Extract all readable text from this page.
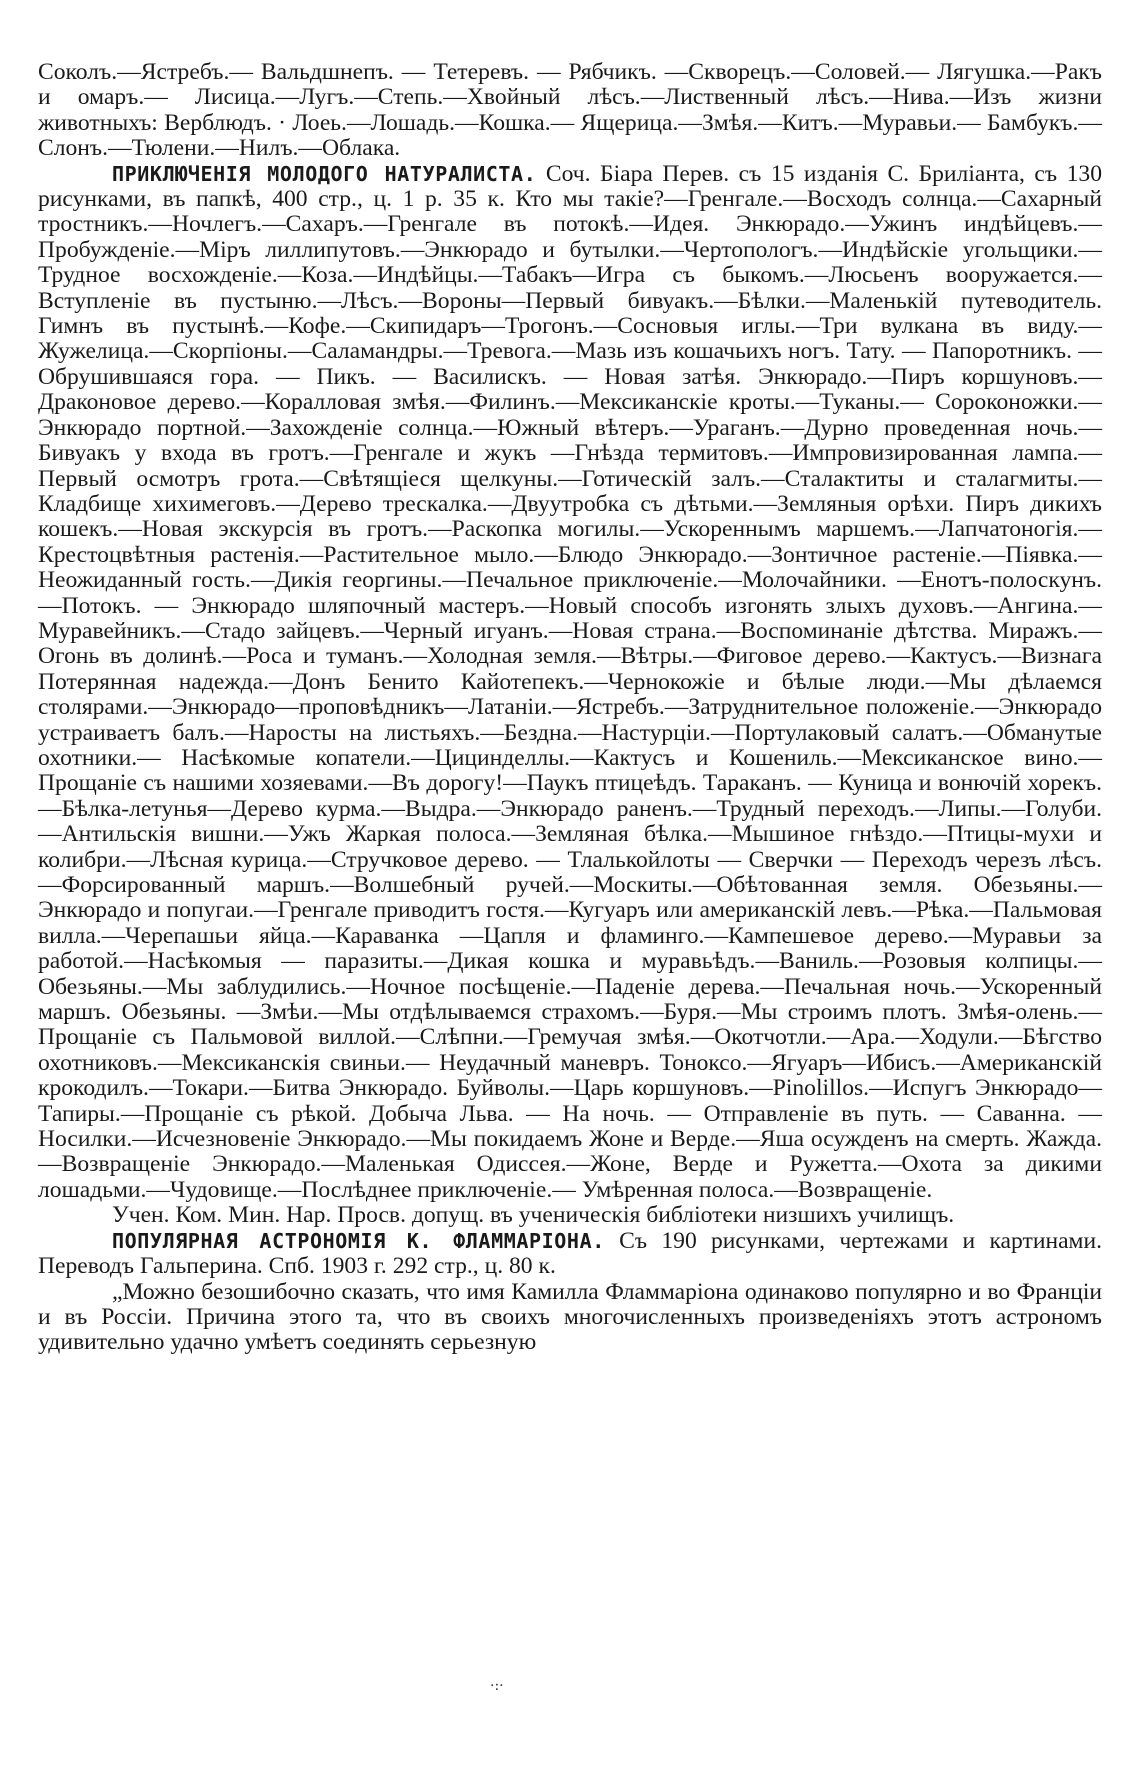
Соколъ.—Ястребъ.— Вальдшнепъ. — Тетеревъ. — Рябчикъ. —Скворецъ.—Соловей.— Лягушка.—Ракъ и омаръ.— Лисица.—Лугъ.—Степь.—Хвойный лѣсъ.—Лиственный лѣсъ.—Нива.—Изъ жизни животныхъ: Верблюдъ. · Лоеь.—Лошадь.—Кошка.— Ящерица.—Змѣя.—Китъ.—Муравьи.— Бамбукъ.—Слонъ.—Тюлени.—Нилъ.—Облака.

ПРИКЛЮЧЕНІЯ МОЛОДОГО НАТУРАЛИСТА. Соч. Біара Перев. съ 15 изданія С. Бриліанта, съ 130 рисунками, въ папкѣ, 400 стр., ц. 1 р. 35 к. Кто мы такіе?—Гренгале.—Восходъ солнца.—Сахарный тростникъ.—Ночлегъ.—Сахаръ.—Гренгале въ потокѣ.—Идея. Энкюрадо.—Ужинъ индѣйцевъ.—Пробужденіе.—Міръ лиллипутовъ.—Энкюрадо и бутылки.—Чертопологъ.—Индѣйскіе угольщики.—Трудное восхожденіе.—Коза.—Индѣйцы.—Табакъ—Игра съ быкомъ.—Люсьенъ вооружается.—Вступленіе въ пустыню.—Лѣсъ.—Вороны—Первый бивуакъ.—Бѣлки.—Маленькій путеводитель. Гимнъ въ пустынѣ.—Кофе.—Скипидаръ—Трогонъ.—Сосновыя иглы.—Три вулкана въ виду.—Жужелица.—Скорпіоны.—Саламандры.—Тревога.—Мазь изъ кошачьихъ ногъ. Тату. — Папоротникъ. — Обрушившаяся гора. — Пикъ. — Василискъ. — Новая затѣя. Энкюрадо.—Пиръ коршуновъ.—Драконовое дерево.—Коралловая змѣя.—Филинъ.—Мексиканскіе кроты.—Туканы.— Сороконожки.—Энкюрадо портной.—Захожденіе солнца.—Южный вѣтеръ.—Ураганъ.—Дурно проведенная ночь.—Бивуакъ у входа въ гротъ.—Гренгале и жукъ —Гнѣзда термитовъ.—Импровизированная лампа.—Первый осмотръ грота.—Свѣтящіеся щелкуны.—Готическій залъ.—Сталактиты и сталагмиты.—Кладбище хихимеговъ.—Дерево трескалка.—Двуутробка съ дѣтьми.—Земляныя орѣхи. Пиръ дикихъ кошекъ.—Новая экскурсія въ гротъ.—Раскопка могилы.—Ускореннымъ маршемъ.—Лапчатоногія.— Крестоцвѣтныя растенія.—Растительное мыло.—Блюдо Энкюрадо.—Зонтичное растеніе.—Піявка.—Неожиданный гость.—Дикія георгины.—Печальное приключеніе.—Молочайники. —Енотъ-полоскунъ.—Потокъ. — Энкюрадо шляпочный мастеръ.—Новый способъ изгонять злыхъ духовъ.—Ангина.—Муравейникъ.—Стадо зайцевъ.—Черный игуанъ.—Новая страна.—Воспоминаніе дѣтства. Миражъ.—Огонь въ долинѣ.—Роса и туманъ.—Холодная земля.—Вѣтры.—Фиговое дерево.—Кактусъ.—Визнага Потерянная надежда.—Донъ Бенито Кайотепекъ.—Чернокожіе и бѣлые люди.—Мы дѣлаемся столярами.—Энкюрадо—проповѣдникъ—Латаніи.—Ястребъ.—Затруднительное положеніе.—Энкюрадо устраиваетъ балъ.—Наросты на листьяхъ.—Бездна.—Настурціи.—Портулаковый салатъ.—Обманутые охотники.— Насѣкомые копатели.—Цицинделлы.—Кактусъ и Кошениль.—Мексиканское вино.—Прощаніе съ нашими хозяевами.—Въ дорогу!—Паукъ птицеѣдъ. Тараканъ. — Куница и вонючій хорекъ.—Бѣлка-летунья—Дерево курма.—Выдра.—Энкюрадо раненъ.—Трудный переходъ.—Липы.—Голуби.—Антильскія вишни.—Ужъ Жаркая полоса.—Земляная бѣлка.—Мышиное гнѣздо.—Птицы-мухи и колибри.—Лѣсная курица.—Стручковое дерево. — Тлалькойлоты — Сверчки — Переходъ черезъ лѣсъ.—Форсированный маршъ.—Волшебный ручей.—Москиты.—Обѣтованная земля. Обезьяны.—Энкюрадо и попугаи.—Гренгале приводитъ гостя.—Кугуаръ или американскій левъ.—Рѣка.—Пальмовая вилла.—Черепашьи яйца.—Караванка —Цапля и фламинго.—Кампешевое дерево.—Муравьи за работой.—Насѣкомыя — паразиты.—Дикая кошка и муравьѣдъ.—Ваниль.—Розовыя колпицы.—Обезьяны.—Мы заблудились.—Ночное посѣщеніе.—Паденіе дерева.—Печальная ночь.—Ускоренный маршъ. Обезьяны. —Змѣи.—Мы отдѣлываемся страхомъ.—Буря.—Мы строимъ плотъ. Змѣя-олень.—Прощаніе съ Пальмовой виллой.—Слѣпни.—Гремучая змѣя.—Окотчотли.—Ара.—Ходули.—Бѣгство охотниковъ.—Мексиканскія свиньи.— Неудачный маневръ. Тоноксо.—Ягуаръ—Ибисъ.—Американскій крокодилъ.—Токари.—Битва Энкюрадо. Буйволы.—Царь коршуновъ.—Pinolillos.—Испугъ Энкюрадо—Тапиры.—Прощаніе съ рѣкой. Добыча Льва. — На ночь. — Отправленіе въ путь. — Саванна. — Носилки.—Исчезновеніе Энкюрадо.—Мы покидаемъ Жоне и Верде.—Яша осужденъ на смерть. Жажда.—Возвращеніе Энкюрадо.—Маленькая Одиссея.—Жоне, Верде и Ружетта.—Охота за дикими лошадьми.—Чудовище.—Послѣднее приключеніе.— Умѣренная полоса.—Возвращеніе.

Учен. Ком. Мин. Нар. Просв. допущ. въ ученическія библіотеки низшихъ училищъ.

ПОПУЛЯРНАЯ АСТРОНОМІЯ К. ФЛАММАРІОНА. Съ 190 рисунками, чертежами и картинами. Переводъ Гальперина. Спб. 1903 г. 292 стр., ц. 80 к.

„Можно безошибочно сказать, что имя Камилла Фламмаріона одинаково популярно и во Франціи и въ Россіи. Причина этого та, что въ своихъ многочисленныхъ произведеніяхъ этотъ астрономъ удивительно удачно умѣетъ соединять серьезную

·:·
